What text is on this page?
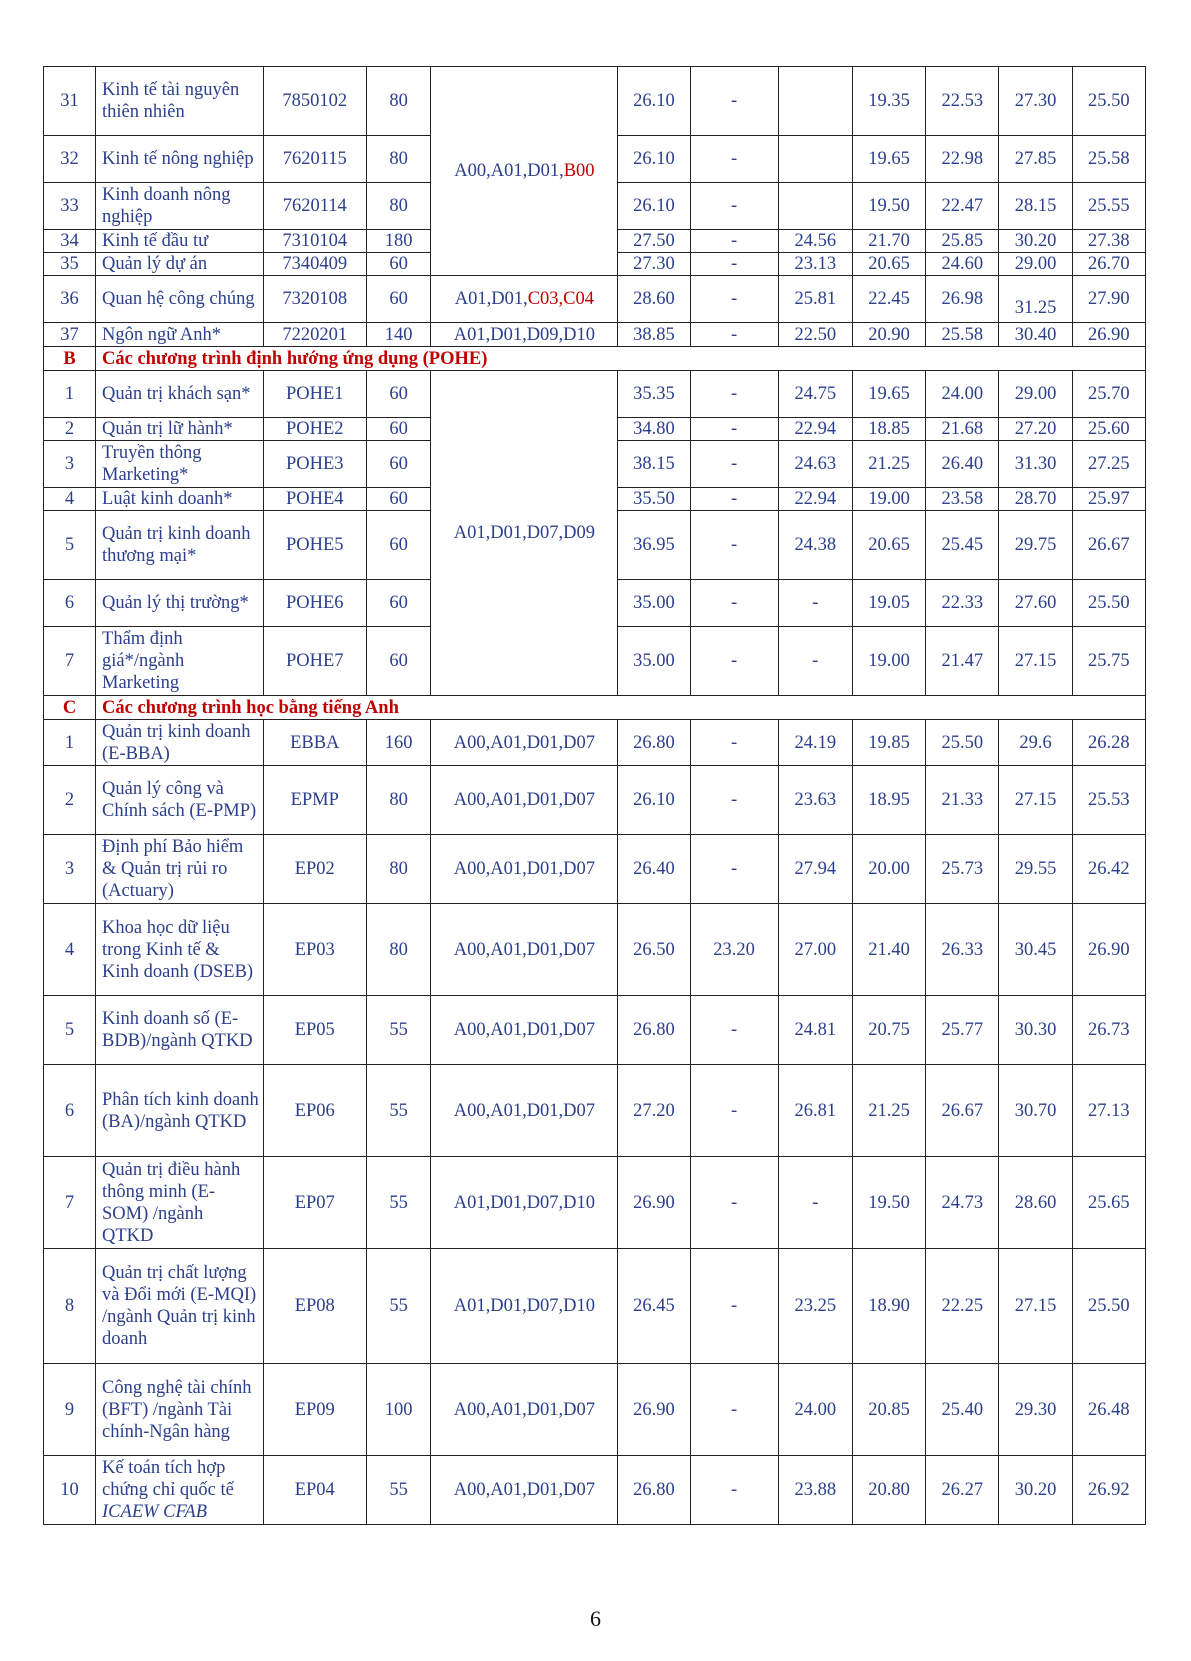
31	Kinh tế tài nguyên thiên nhiên	7850102	80	A00,A01,D01,B00	26.10	-		19.35	22.53	27.30	25.50
32	Kinh tế nông nghiệp	7620115	80		26.10	-		19.65	22.98	27.85	25.58
33	Kinh doanh nông nghiệp	7620114	80		26.10	-		19.50	22.47	28.15	25.55
34	Kinh tế đầu tư	7310104	180		27.50	-	24.56	21.70	25.85	30.20	27.38
35	Quản lý dự án	7340409	60		27.30	-	23.13	20.65	24.60	29.00	26.70
36	Quan hệ công chúng	7320108	60	A01,D01,C03,C04	28.60	-	25.81	22.45	26.98	31.25	27.90
37	Ngôn ngữ Anh*	7220201	140	A01,D01,D09,D10	38.85	-	22.50	20.90	25.58	30.40	26.90
B	Các chương trình định hướng ứng dụng (POHE)										
1	Quản trị khách sạn*	POHE1	60	A01,D01,D07,D09	35.35	-	24.75	19.65	24.00	29.00	25.70
2	Quản trị lữ hành*	POHE2	60		34.80	-	22.94	18.85	21.68	27.20	25.60
3	Truyền thông Marketing*	POHE3	60		38.15	-	24.63	21.25	26.40	31.30	27.25
4	Luật kinh doanh*	POHE4	60		35.50	-	22.94	19.00	23.58	28.70	25.97
5	Quản trị kinh doanh thương mại*	POHE5	60		36.95	-	24.38	20.65	25.45	29.75	26.67
6	Quản lý thị trường*	POHE6	60		35.00	-	-	19.05	22.33	27.60	25.50
7	Thẩm định giá*/ngành Marketing	POHE7	60		35.00	-	-	19.00	21.47	27.15	25.75
C	Các chương trình học bằng tiếng Anh										
1	Quản trị kinh doanh (E-BBA)	EBBA	160	A00,A01,D01,D07	26.80	-	24.19	19.85	25.50	29.6	26.28
2	Quản lý công và Chính sách (E-PMP)	EPMP	80	A00,A01,D01,D07	26.10	-	23.63	18.95	21.33	27.15	25.53
3	Định phí Bảo hiểm & Quản trị rủi ro (Actuary)	EP02	80	A00,A01,D01,D07	26.40	-	27.94	20.00	25.73	29.55	26.42
4	Khoa học dữ liệu trong Kinh tế & Kinh doanh (DSEB)	EP03	80	A00,A01,D01,D07	26.50	23.20	27.00	21.40	26.33	30.45	26.90
5	Kinh doanh số (E-BDB)/ngành QTKD	EP05	55	A00,A01,D01,D07	26.80	-	24.81	20.75	25.77	30.30	26.73
6	Phân tích kinh doanh (BA)/ngành QTKD	EP06	55	A00,A01,D01,D07	27.20	-	26.81	21.25	26.67	30.70	27.13
7	Quản trị điều hành thông minh (E-SOM) /ngành QTKD	EP07	55	A01,D01,D07,D10	26.90	-	-	19.50	24.73	28.60	25.65
8	Quản trị chất lượng và Đổi mới (E-MQI) /ngành Quản trị kinh doanh	EP08	55	A01,D01,D07,D10	26.45	-	23.25	18.90	22.25	27.15	25.50
9	Công nghệ tài chính (BFT) /ngành Tài chính-Ngân hàng	EP09	100	A00,A01,D01,D07	26.90	-	24.00	20.85	25.40	29.30	26.48
10	Kế toán tích hợp chứng chỉ quốc tế ICAEW CFAB	EP04	55	A00,A01,D01,D07	26.80	-	23.88	20.80	26.27	30.20	26.92
6
